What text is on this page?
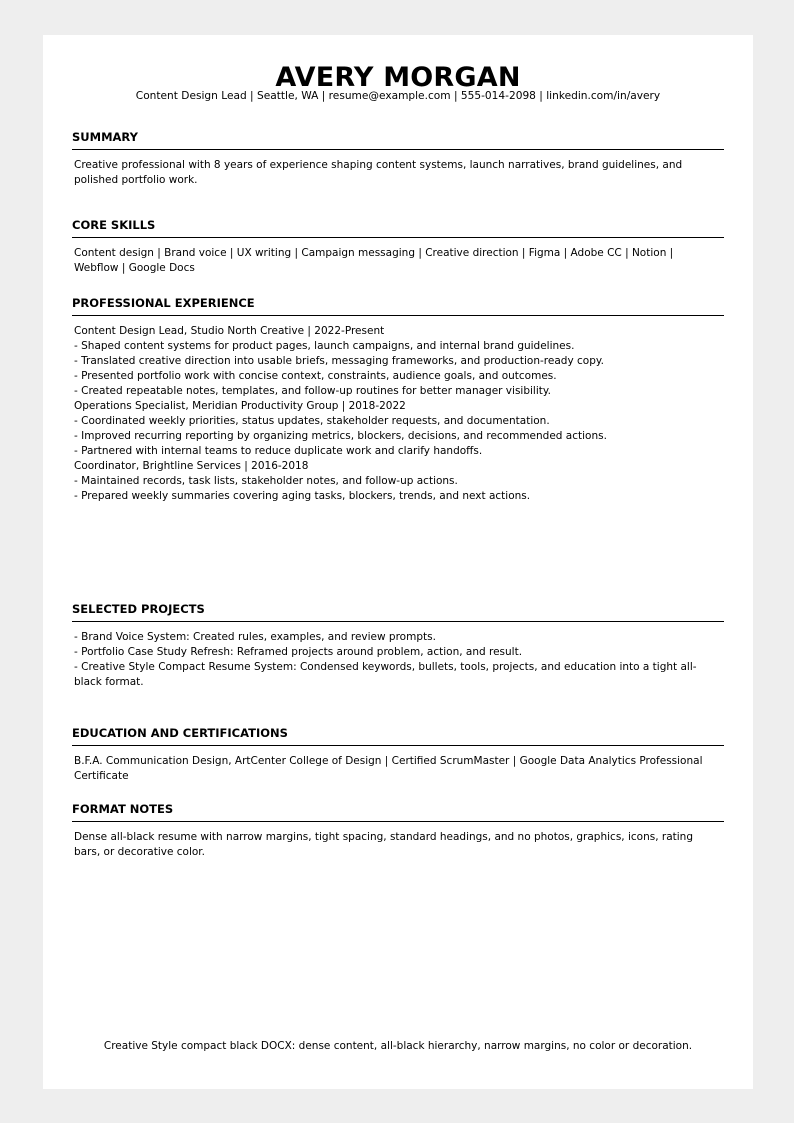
AVERY MORGAN
Content Design Lead | Seattle, WA | resume@example.com | 555-014-2098 | linkedin.com/in/avery
SUMMARY
Creative professional with 8 years of experience shaping content systems, launch narratives, brand guidelines, and polished portfolio work.
CORE SKILLS
Content design | Brand voice | UX writing | Campaign messaging | Creative direction | Figma | Adobe CC | Notion | Webflow | Google Docs
PROFESSIONAL EXPERIENCE
Content Design Lead, Studio North Creative | 2022-Present
- Shaped content systems for product pages, launch campaigns, and internal brand guidelines.
- Translated creative direction into usable briefs, messaging frameworks, and production-ready copy.
- Presented portfolio work with concise context, constraints, audience goals, and outcomes.
- Created repeatable notes, templates, and follow-up routines for better manager visibility.
Operations Specialist, Meridian Productivity Group | 2018-2022
- Coordinated weekly priorities, status updates, stakeholder requests, and documentation.
- Improved recurring reporting by organizing metrics, blockers, decisions, and recommended actions.
- Partnered with internal teams to reduce duplicate work and clarify handoffs.
Coordinator, Brightline Services | 2016-2018
- Maintained records, task lists, stakeholder notes, and follow-up actions.
- Prepared weekly summaries covering aging tasks, blockers, trends, and next actions.
SELECTED PROJECTS
- Brand Voice System: Created rules, examples, and review prompts.
- Portfolio Case Study Refresh: Reframed projects around problem, action, and result.
- Creative Style Compact Resume System: Condensed keywords, bullets, tools, projects, and education into a tight all-black format.
EDUCATION AND CERTIFICATIONS
B.F.A. Communication Design, ArtCenter College of Design | Certified ScrumMaster | Google Data Analytics Professional Certificate
FORMAT NOTES
Dense all-black resume with narrow margins, tight spacing, standard headings, and no photos, graphics, icons, rating bars, or decorative color.
Creative Style compact black DOCX: dense content, all-black hierarchy, narrow margins, no color or decoration.
